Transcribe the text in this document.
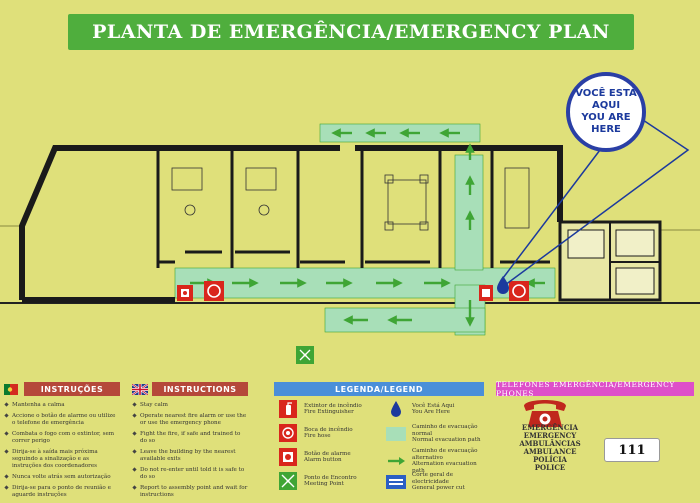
PLANTA DE EMERGÊNCIA/EMERGENCY PLAN
VOCÊ ESTÁ
AQUI
YOU ARE
HERE
INSTRUÇÕES
Mantenha a calma
Accione o botão de alarme ou utilize o telefone de emergência
Combata o fogo com o extintor, sem correr perigo
Dirija-se à saída mais próxima seguindo a sinalização e as instruções dos coordenadores
Nunca volte atrás sem autorização
Dirija-se para o ponto de reunião e aguarde instruções
INSTRUCTIONS
Stay calm
Operate nearest fire alarm or use the or use the emergency phone
Fight the fire, if safe and trained to do so
Leave the building by the nearest available exits
Do not re-enter until told it is safe to do so
Report to assembly point and wait for instructions
LEGENDA/LEGEND
Extintor de incêndio
Fire Extinguisher
Boca de incêndio
Fire hose
Botão de alarme
Alarm button
Ponto de Encontro
Meeting Point
Você Está Aqui
You Are Here
Caminho de evacuação normal
Normal evacuation path
Caminho de evacuação alternativo
Alternation evacuation path
Corte geral de electricidade
General power cut
TELEFONES EMERGÊNCIA/EMERGENCY PHONES
EMERGÊNCIA
EMERGENCY
AMBULÂNCIAS
AMBULANCE
POLÍCIA
POLICE
111
